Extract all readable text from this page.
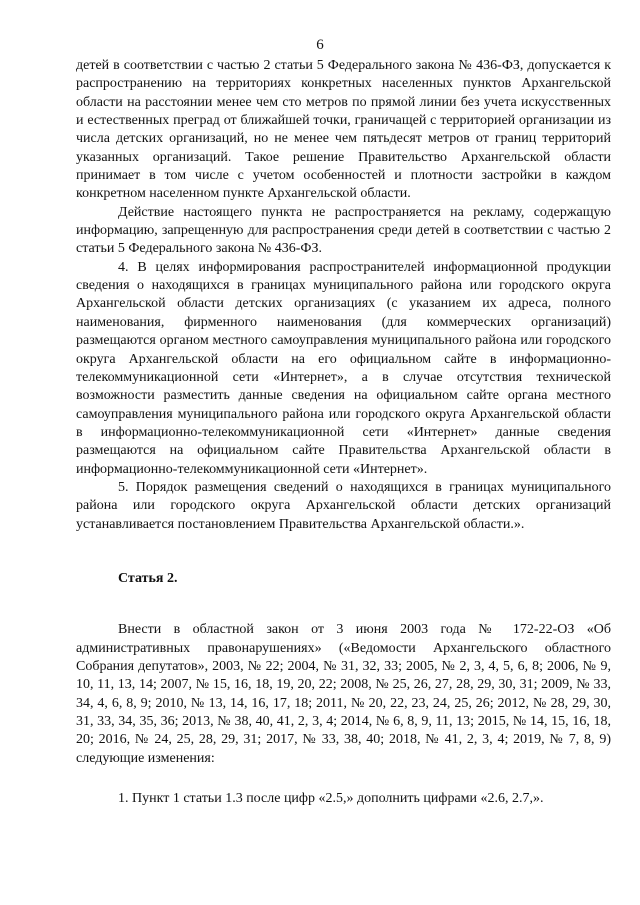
6

детей в соответствии с частью 2 статьи 5 Федерального закона № 436-ФЗ, допускается к распространению на территориях конкретных населенных пунктов Архангельской области на расстоянии менее чем сто метров по прямой линии без учета искусственных и естественных преград от ближайшей точки, граничащей с территорией организации из числа детских организаций, но не менее чем пятьдесят метров от границ территорий указанных организаций. Такое решение Правительство Архангельской области принимает в том числе с учетом особенностей и плотности застройки в каждом конкретном населенном пункте Архангельской области.

Действие настоящего пункта не распространяется на рекламу, содержащую информацию, запрещенную для распространения среди детей в соответствии с частью 2 статьи 5 Федерального закона № 436-ФЗ.

4. В целях информирования распространителей информационной продукции сведения о находящихся в границах муниципального района или городского округа Архангельской области детских организациях (с указанием их адреса, полного наименования, фирменного наименования (для коммерческих организаций) размещаются органом местного самоуправления муниципального района или городского округа Архангельской области на его официальном сайте в информационно-телекоммуникационной сети «Интернет», а в случае отсутствия технической возможности разместить данные сведения на официальном сайте органа местного самоуправления муниципального района или городского округа Архангельской области в информационно-телекоммуникационной сети «Интернет» данные сведения размещаются на официальном сайте Правительства Архангельской области в информационно-телекоммуникационной сети «Интернет».

5. Порядок размещения сведений о находящихся в границах муниципального района или городского округа Архангельской области детских организаций устанавливается постановлением Правительства Архангельской области.».

Статья 2.

Внести в областной закон от 3 июня 2003 года № 172-22-ОЗ «Об административных правонарушениях» («Ведомости Архангельского областного Собрания депутатов», 2003, № 22; 2004, № 31, 32, 33; 2005, № 2, 3, 4, 5, 6, 8; 2006, № 9, 10, 11, 13, 14; 2007, № 15, 16, 18, 19, 20, 22; 2008, № 25, 26, 27, 28, 29, 30, 31; 2009, № 33, 34, 4, 6, 8, 9; 2010, № 13, 14, 16, 17, 18; 2011, № 20, 22, 23, 24, 25, 26; 2012, № 28, 29, 30, 31, 33, 34, 35, 36; 2013, № 38, 40, 41, 2, 3, 4; 2014, № 6, 8, 9, 11, 13; 2015, № 14, 15, 16, 18, 20; 2016, № 24, 25, 28, 29, 31; 2017, № 33, 38, 40; 2018, № 41, 2, 3, 4; 2019, № 7, 8, 9) следующие изменения:

1. Пункт 1 статьи 1.3 после цифр «2.5,» дополнить цифрами «2.6, 2.7,».
